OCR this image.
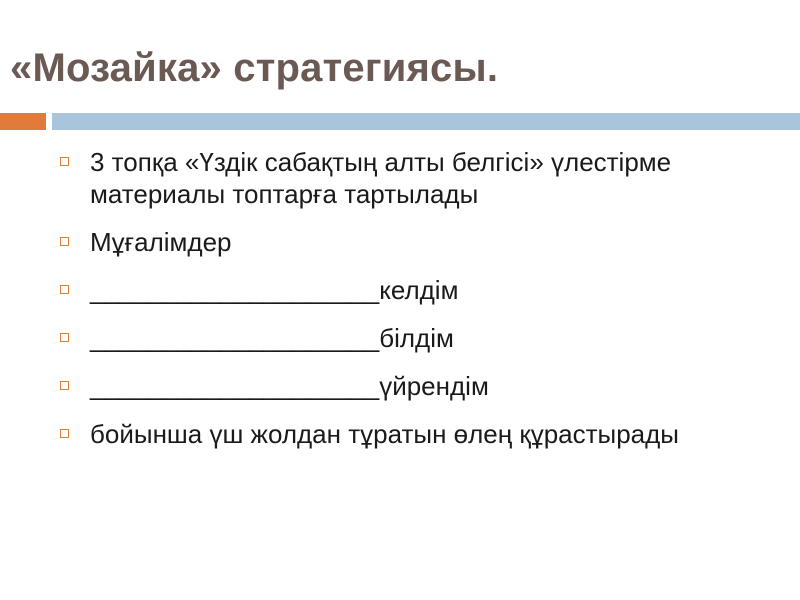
«Мозайка» стратегиясы.
3 топқа «Үздік сабақтың алты белгісі» үлестірме материалы топтарға тартылады
Мұғалімдер
____________________келдім
____________________білдім
____________________үйрендім
бойынша үш жолдан тұратын өлең құрастырады
